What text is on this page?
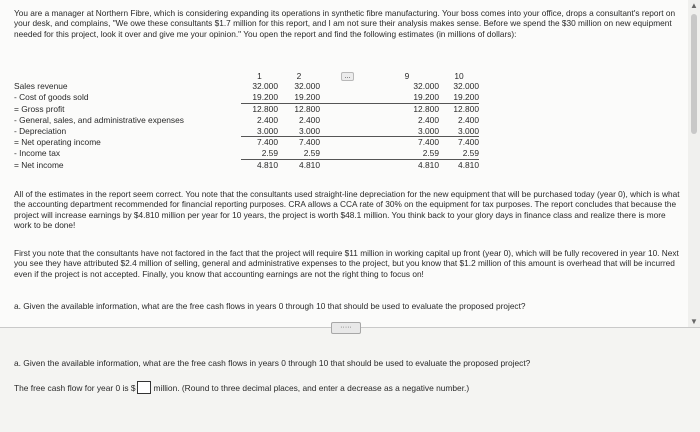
You are a manager at Northern Fibre, which is considering expanding its operations in synthetic fibre manufacturing. Your boss comes into your office, drops a consultant's report on your desk, and complains, "We owe these consultants $1.7 million for this report, and I am not sure their analysis makes sense. Before we spend the $30 million on new equipment needed for this project, look it over and give me your opinion." You open the report and find the following estimates (in millions of dollars):

	1	2	...	9	10
Sales revenue	32.000	32.000		32.000	32.000
- Cost of goods sold	19.200	19.200		19.200	19.200
= Gross profit	12.800	12.800		12.800	12.800
- General, sales, and administrative expenses	2.400	2.400		2.400	2.400
- Depreciation	3.000	3.000		3.000	3.000
= Net operating income	7.400	7.400		7.400	7.400
- Income tax	2.59	2.59		2.59	2.59
= Net income	4.810	4.810		4.810	4.810

All of the estimates in the report seem correct. You note that the consultants used straight-line depreciation for the new equipment that will be purchased today (year 0), which is what the accounting department recommended for financial reporting purposes. CRA allows a CCA rate of 30% on the equipment for tax purposes. The report concludes that because the project will increase earnings by $4.810 million per year for 10 years, the project is worth $48.1 million. You think back to your glory days in finance class and realize there is more work to be done!

First you note that the consultants have not factored in the fact that the project will require $11 million in working capital up front (year 0), which will be fully recovered in year 10. Next you see they have attributed $2.4 million of selling, general and administrative expenses to the project, but you know that $1.2 million of this amount is overhead that will be incurred even if the project is not accepted. Finally, you know that accounting earnings are not the right thing to focus on!

a. Given the available information, what are the free cash flows in years 0 through 10 that should be used to evaluate the proposed project?

▲
▼
·····

a. Given the available information, what are the free cash flows in years 0 through 10 that should be used to evaluate the proposed project?

The free cash flow for year 0 is $ million. (Round to three decimal places, and enter a decrease as a negative number.)
